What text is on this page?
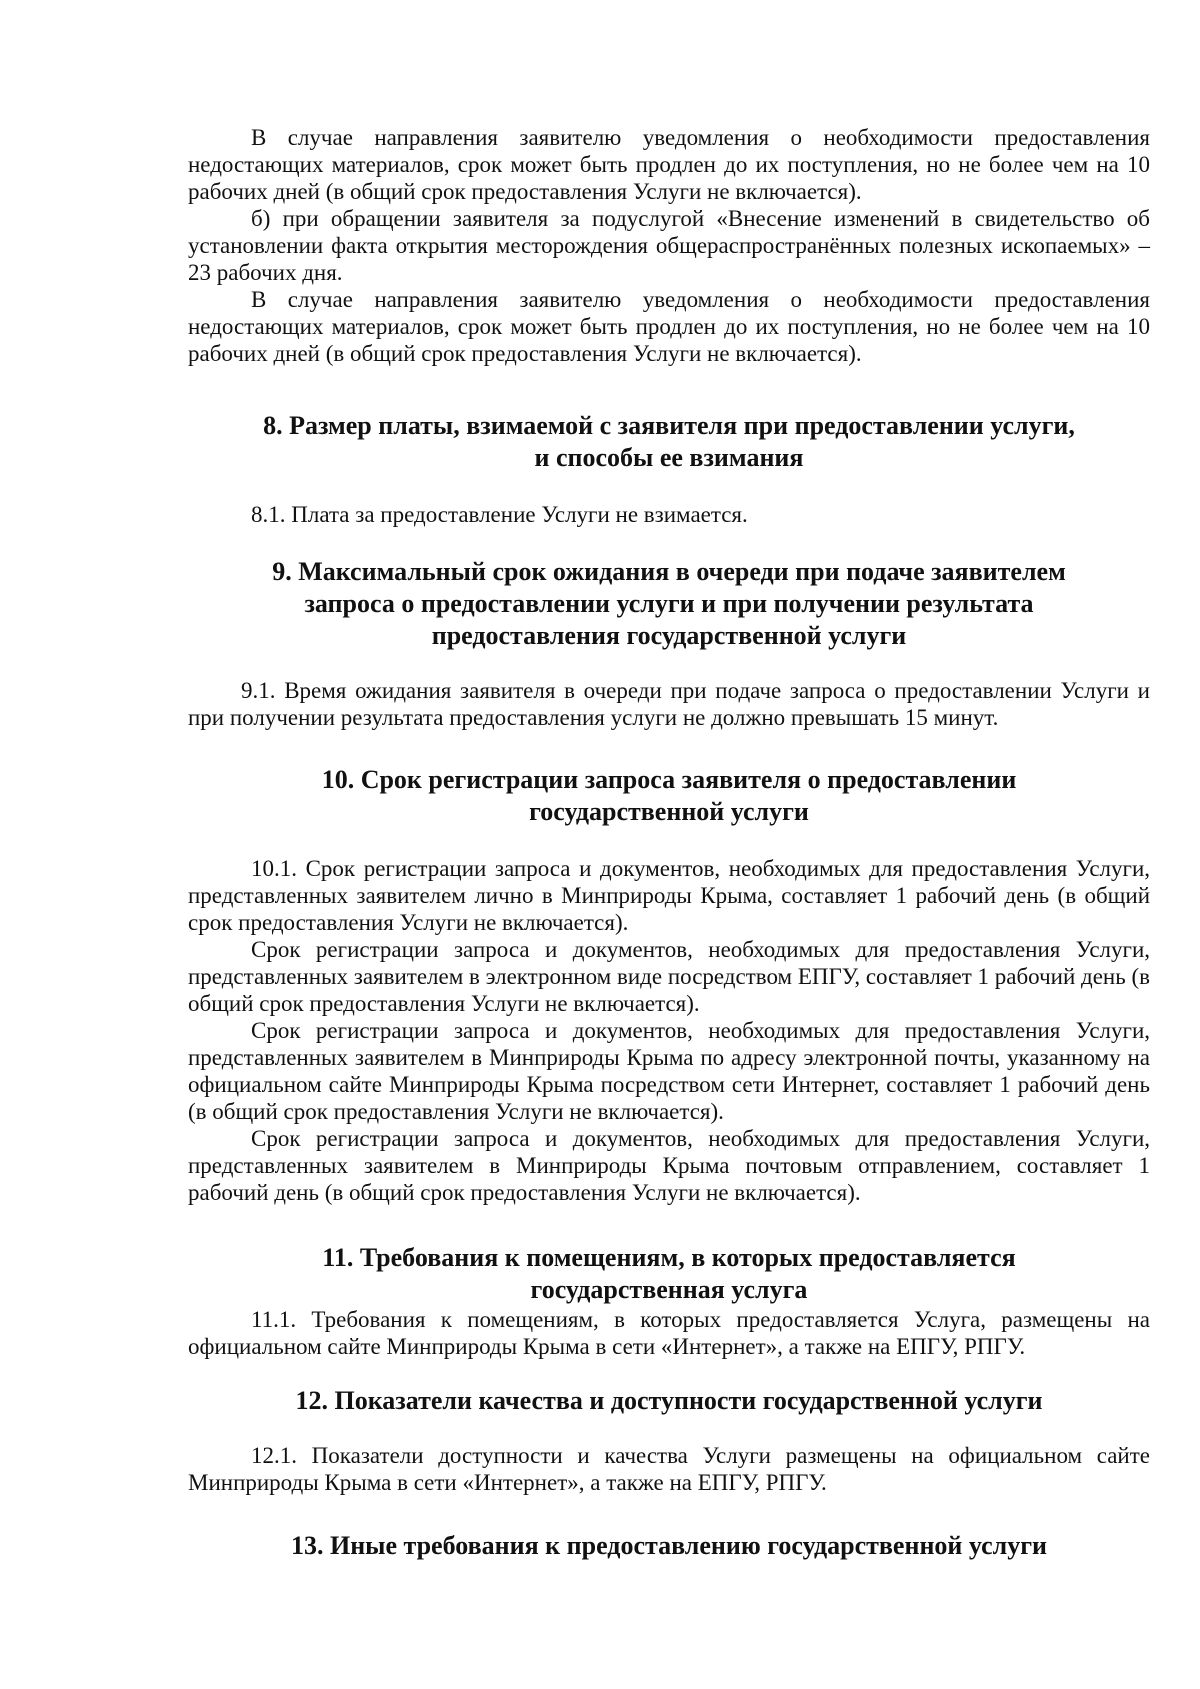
В случае направления заявителю уведомления о необходимости предоставления недостающих материалов, срок может быть продлен до их поступления, но не более чем на 10 рабочих дней (в общий срок предоставления Услуги не включается).

б) при обращении заявителя за подуслугой «Внесение изменений в свидетельство об установлении факта открытия месторождения общераспространённых полезных ископаемых» – 23 рабочих дня.

В случае направления заявителю уведомления о необходимости предоставления недостающих материалов, срок может быть продлен до их поступления, но не более чем на 10 рабочих дней (в общий срок предоставления Услуги не включается).

8. Размер платы, взимаемой с заявителя при предоставлении услуги,
и способы ее взимания

8.1. Плата за предоставление Услуги не взимается.

9. Максимальный срок ожидания в очереди при подаче заявителем
запроса о предоставлении услуги и при получении результата
предоставления государственной услуги

9.1. Время ожидания заявителя в очереди при подаче запроса о предоставлении Услуги и при получении результата предоставления услуги не должно превышать 15 минут.

10. Срок регистрации запроса заявителя о предоставлении
государственной услуги

10.1. Срок регистрации запроса и документов, необходимых для предоставления Услуги, представленных заявителем лично в Минприроды Крыма, составляет 1 рабочий день (в общий срок предоставления Услуги не включается).

Срок регистрации запроса и документов, необходимых для предоставления Услуги, представленных заявителем в электронном виде посредством ЕПГУ, составляет 1 рабочий день (в общий срок предоставления Услуги не включается).

Срок регистрации запроса и документов, необходимых для предоставления Услуги, представленных заявителем в Минприроды Крыма по адресу электронной почты, указанному на официальном сайте Минприроды Крыма посредством сети Интернет, составляет 1 рабочий день (в общий срок предоставления Услуги не включается).

Срок регистрации запроса и документов, необходимых для предоставления Услуги, представленных заявителем в Минприроды Крыма почтовым отправлением, составляет 1 рабочий день (в общий срок предоставления Услуги не включается).

11. Требования к помещениям, в которых предоставляется
государственная услуга

11.1. Требования к помещениям, в которых предоставляется Услуга, размещены на официальном сайте Минприроды Крыма в сети «Интернет», а также на ЕПГУ, РПГУ.

12. Показатели качества и доступности государственной услуги

12.1. Показатели доступности и качества Услуги размещены на официальном сайте Минприроды Крыма в сети «Интернет», а также на ЕПГУ, РПГУ.

13. Иные требования к предоставлению государственной услуги
